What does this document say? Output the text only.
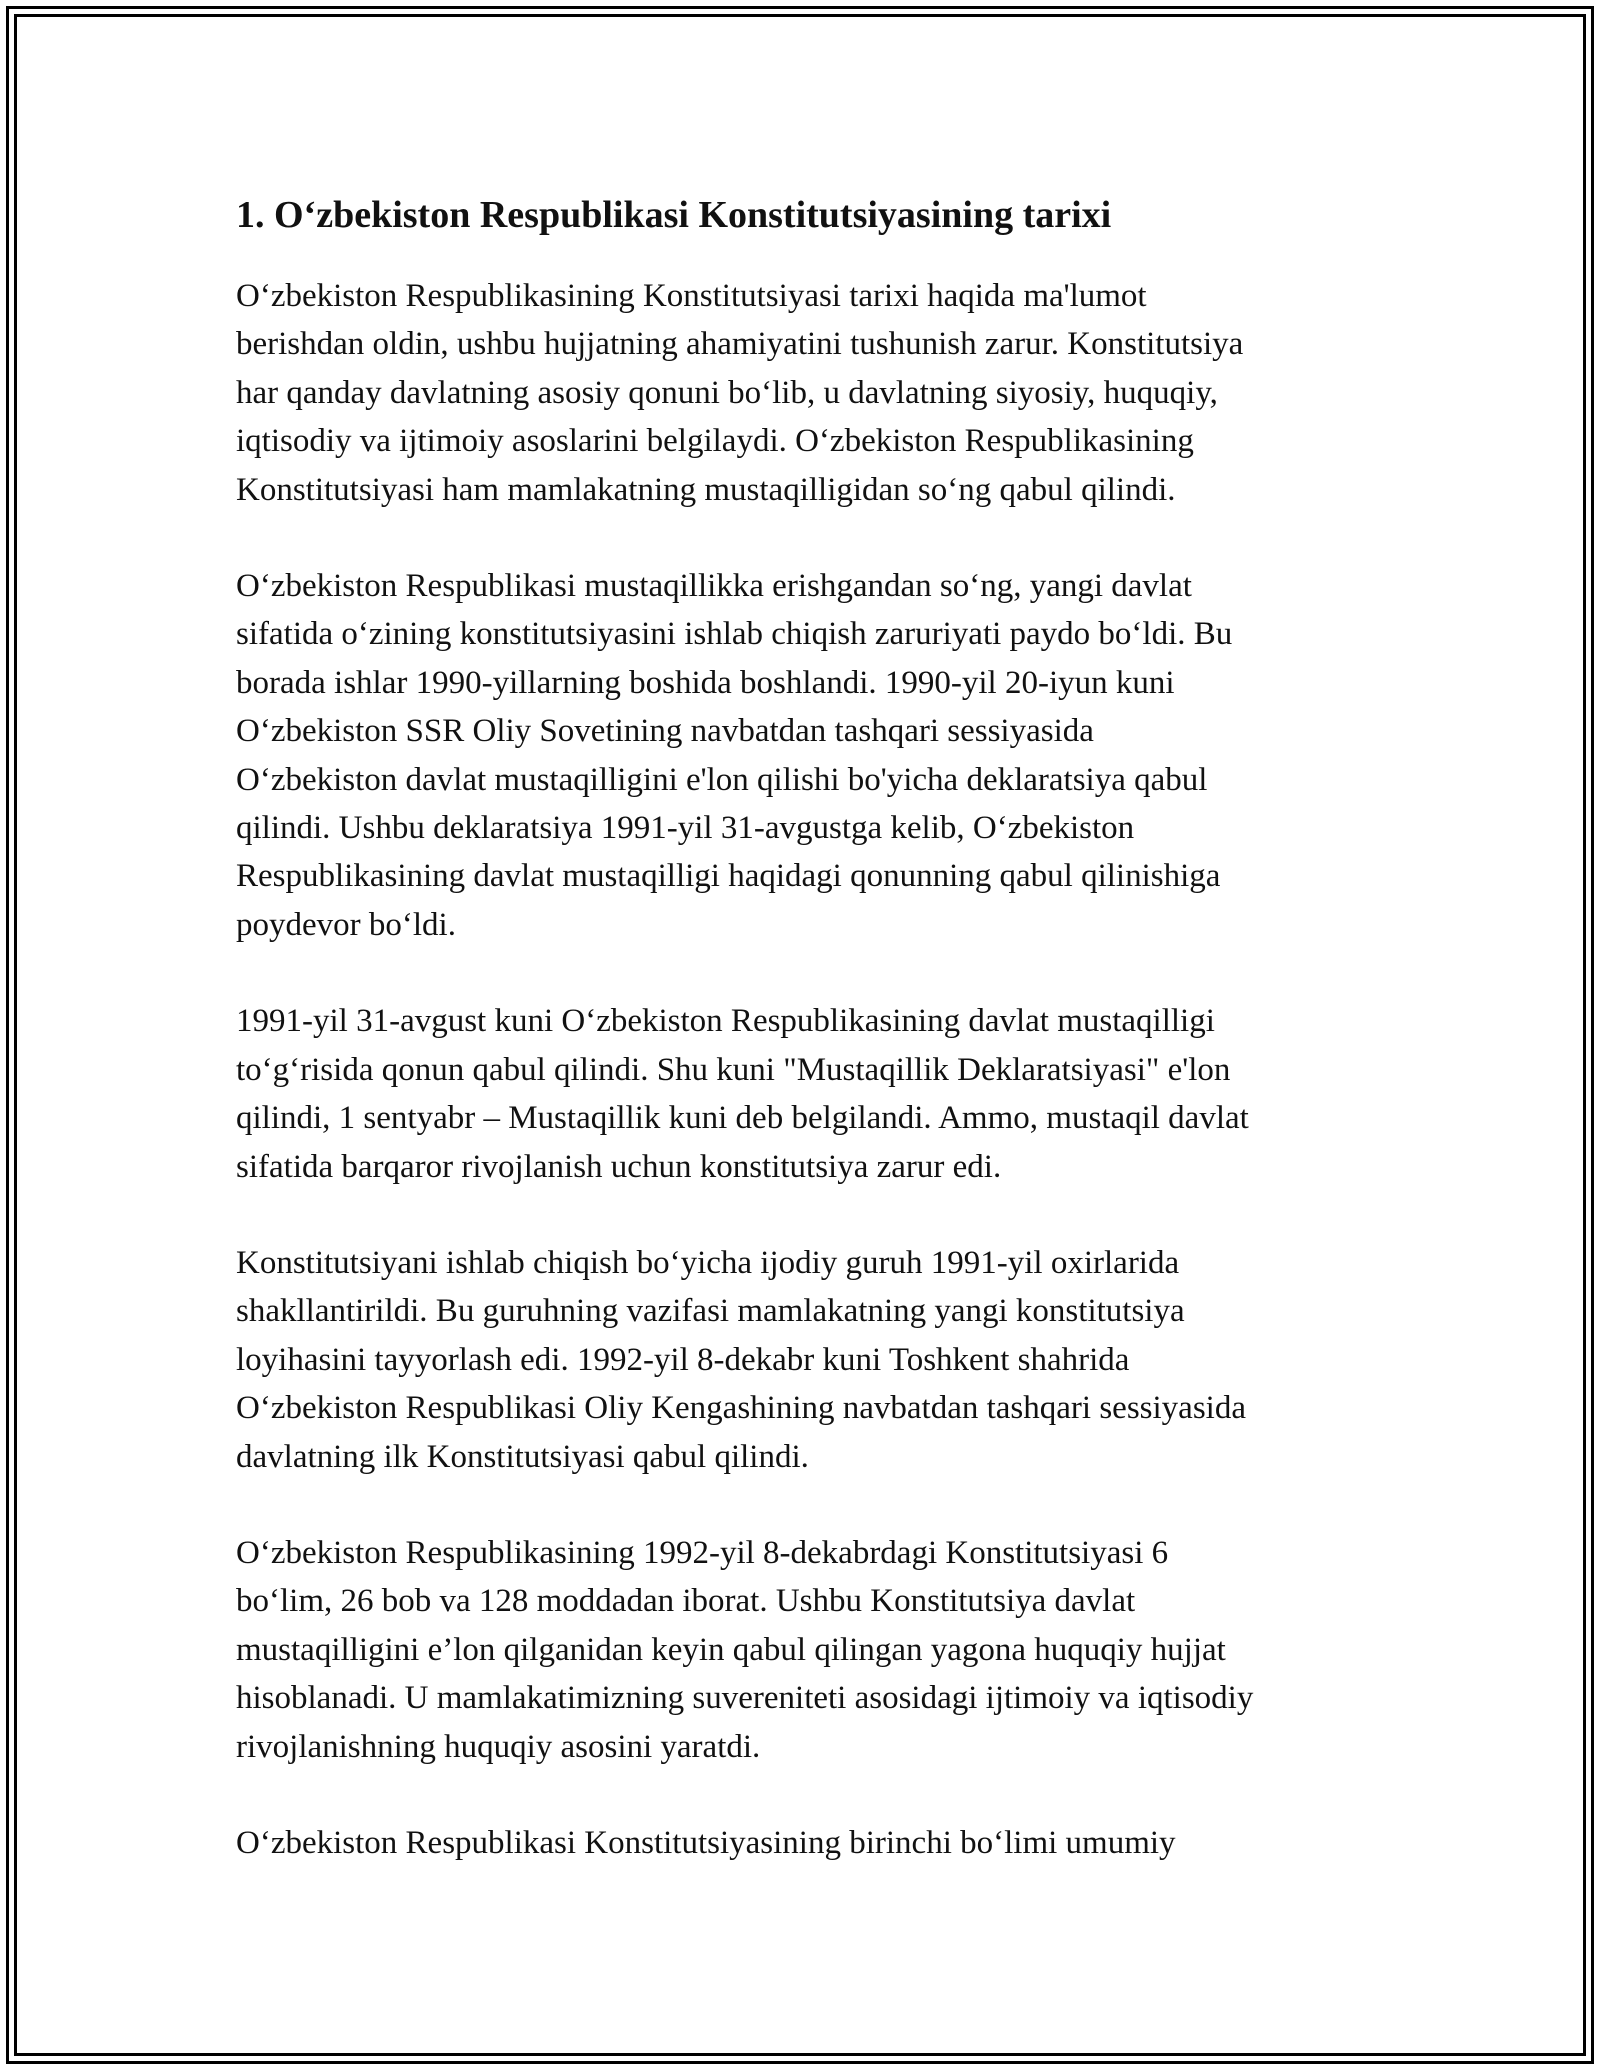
1. O‘zbekiston Respublikasi Konstitutsiyasining tarixi

O‘zbekiston Respublikasining Konstitutsiyasi tarixi haqida ma'lumot
berishdan oldin, ushbu hujjatning ahamiyatini tushunish zarur. Konstitutsiya
har qanday davlatning asosiy qonuni bo‘lib, u davlatning siyosiy, huquqiy,
iqtisodiy va ijtimoiy asoslarini belgilaydi. O‘zbekiston Respublikasining
Konstitutsiyasi ham mamlakatning mustaqilligidan so‘ng qabul qilindi.

O‘zbekiston Respublikasi mustaqillikka erishgandan so‘ng, yangi davlat
sifatida o‘zining konstitutsiyasini ishlab chiqish zaruriyati paydo bo‘ldi. Bu
borada ishlar 1990-yillarning boshida boshlandi. 1990-yil 20-iyun kuni
O‘zbekiston SSR Oliy Sovetining navbatdan tashqari sessiyasida
O‘zbekiston davlat mustaqilligini e'lon qilishi bo'yicha deklaratsiya qabul
qilindi. Ushbu deklaratsiya 1991-yil 31-avgustga kelib, O‘zbekiston
Respublikasining davlat mustaqilligi haqidagi qonunning qabul qilinishiga
poydevor bo‘ldi.

1991-yil 31-avgust kuni O‘zbekiston Respublikasining davlat mustaqilligi
to‘g‘risida qonun qabul qilindi. Shu kuni "Mustaqillik Deklaratsiyasi" e'lon
qilindi, 1 sentyabr – Mustaqillik kuni deb belgilandi. Ammo, mustaqil davlat
sifatida barqaror rivojlanish uchun konstitutsiya zarur edi.

Konstitutsiyani ishlab chiqish bo‘yicha ijodiy guruh 1991-yil oxirlarida
shakllantirildi. Bu guruhning vazifasi mamlakatning yangi konstitutsiya
loyihasini tayyorlash edi. 1992-yil 8-dekabr kuni Toshkent shahrida
O‘zbekiston Respublikasi Oliy Kengashining navbatdan tashqari sessiyasida
davlatning ilk Konstitutsiyasi qabul qilindi.

O‘zbekiston Respublikasining 1992-yil 8-dekabrdagi Konstitutsiyasi 6
bo‘lim, 26 bob va 128 moddadan iborat. Ushbu Konstitutsiya davlat
mustaqilligini e’lon qilganidan keyin qabul qilingan yagona huquqiy hujjat
hisoblanadi. U mamlakatimizning suvereniteti asosidagi ijtimoiy va iqtisodiy
rivojlanishning huquqiy asosini yaratdi.

O‘zbekiston Respublikasi Konstitutsiyasining birinchi bo‘limi umumiy
